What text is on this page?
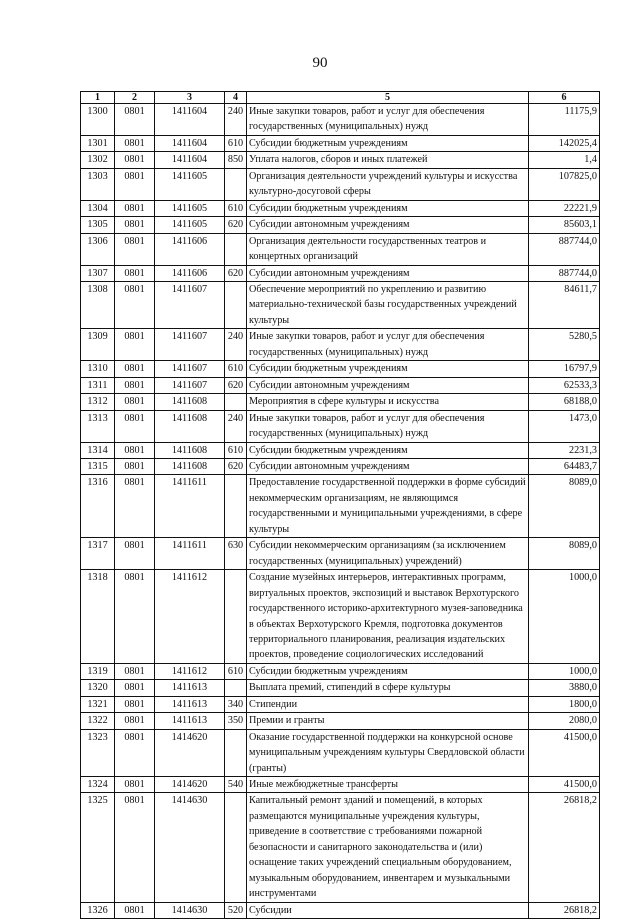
90
1	2	3	4	5	6
1300	0801	1411604	240	Иные закупки товаров, работ и услуг для обеспечения государственных (муниципальных) нужд	11175,9
1301	0801	1411604	610	Субсидии бюджетным учреждениям	142025,4
1302	0801	1411604	850	Уплата налогов, сборов и иных платежей	1,4
1303	0801	1411605		Организация деятельности учреждений культуры и искусства культурно-досуговой сферы	107825,0
1304	0801	1411605	610	Субсидии бюджетным учреждениям	22221,9
1305	0801	1411605	620	Субсидии автономным учреждениям	85603,1
1306	0801	1411606		Организация деятельности государственных театров и концертных организаций	887744,0
1307	0801	1411606	620	Субсидии автономным учреждениям	887744,0
1308	0801	1411607		Обеспечение мероприятий по укреплению и развитию материально-технической базы государственных учреждений культуры	84611,7
1309	0801	1411607	240	Иные закупки товаров, работ и услуг для обеспечения государственных (муниципальных) нужд	5280,5
1310	0801	1411607	610	Субсидии бюджетным учреждениям	16797,9
1311	0801	1411607	620	Субсидии автономным учреждениям	62533,3
1312	0801	1411608		Мероприятия в сфере культуры и искусства	68188,0
1313	0801	1411608	240	Иные закупки товаров, работ и услуг для обеспечения государственных (муниципальных) нужд	1473,0
1314	0801	1411608	610	Субсидии бюджетным учреждениям	2231,3
1315	0801	1411608	620	Субсидии автономным учреждениям	64483,7
1316	0801	1411611		Предоставление государственной поддержки в форме субсидий некоммерческим организациям, не являющимся государственными и муниципальными учреждениями, в сфере культуры	8089,0
1317	0801	1411611	630	Субсидии некоммерческим организациям (за исключением государственных (муниципальных) учреждений)	8089,0
1318	0801	1411612		Создание музейных интерьеров, интерактивных программ, виртуальных проектов, экспозиций и выставок Верхотурского государственного историко-архитектурного музея-заповедника в объектах Верхотурского Кремля, подготовка документов территориального планирования, реализация издательских проектов, проведение социологических исследований	1000,0
1319	0801	1411612	610	Субсидии бюджетным учреждениям	1000,0
1320	0801	1411613		Выплата премий, стипендий в сфере культуры	3880,0
1321	0801	1411613	340	Стипендии	1800,0
1322	0801	1411613	350	Премии и гранты	2080,0
1323	0801	1414620		Оказание государственной поддержки на конкурсной основе муниципальным учреждениям культуры Свердловской области (гранты)	41500,0
1324	0801	1414620	540	Иные межбюджетные трансферты	41500,0
1325	0801	1414630		Капитальный ремонт зданий и помещений, в которых размещаются муниципальные учреждения культуры, приведение в соответствие с требованиями пожарной безопасности и санитарного законодательства и (или) оснащение таких учреждений специальным оборудованием, музыкальным оборудованием, инвентарем и музыкальными инструментами	26818,2
1326	0801	1414630	520	Субсидии	26818,2
